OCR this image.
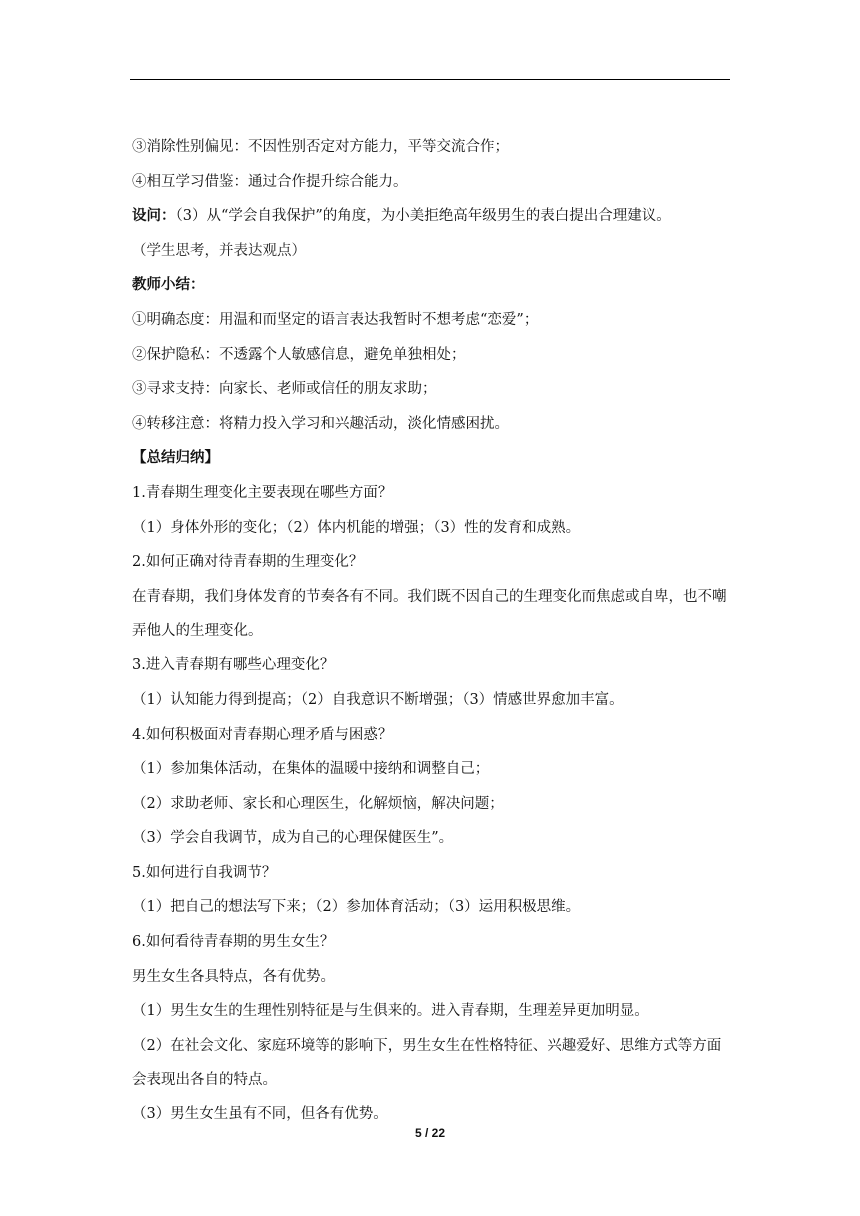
③消除性别偏见：不因性别否定对方能力，平等交流合作；

④相互学习借鉴：通过合作提升综合能力。

设问：（3）从“学会自我保护”的角度，为小美拒绝高年级男生的表白提出合理建议。

（学生思考，并表达观点）

教师小结：

①明确态度：用温和而坚定的语言表达我暂时不想考虑“恋爱”；

②保护隐私：不透露个人敏感信息，避免单独相处；

③寻求支持：向家长、老师或信任的朋友求助；

④转移注意：将精力投入学习和兴趣活动，淡化情感困扰。

【总结归纳】

1.青春期生理变化主要表现在哪些方面？

（1）身体外形的变化；（2）体内机能的增强；（3）性的发育和成熟。

2.如何正确对待青春期的生理变化？

在青春期，我们身体发育的节奏各有不同。我们既不因自己的生理变化而焦虑或自卑，也不嘲弄他人的生理变化。

3.进入青春期有哪些心理变化？

（1）认知能力得到提高；（2）自我意识不断增强；（3）情感世界愈加丰富。

4.如何积极面对青春期心理矛盾与困惑？

（1）参加集体活动，在集体的温暖中接纳和调整自己；

（2）求助老师、家长和心理医生，化解烦恼，解决问题；

（3）学会自我调节，成为自己的心理保健医生”。

5.如何进行自我调节？

（1）把自己的想法写下来；（2）参加体育活动；（3）运用积极思维。

6.如何看待青春期的男生女生？

男生女生各具特点，各有优势。

（1）男生女生的生理性别特征是与生俱来的。进入青春期，生理差异更加明显。

（2）在社会文化、家庭环境等的影响下，男生女生在性格特征、兴趣爱好、思维方式等方面会表现出各自的特点。

（3）男生女生虽有不同，但各有优势。

5 / 22
